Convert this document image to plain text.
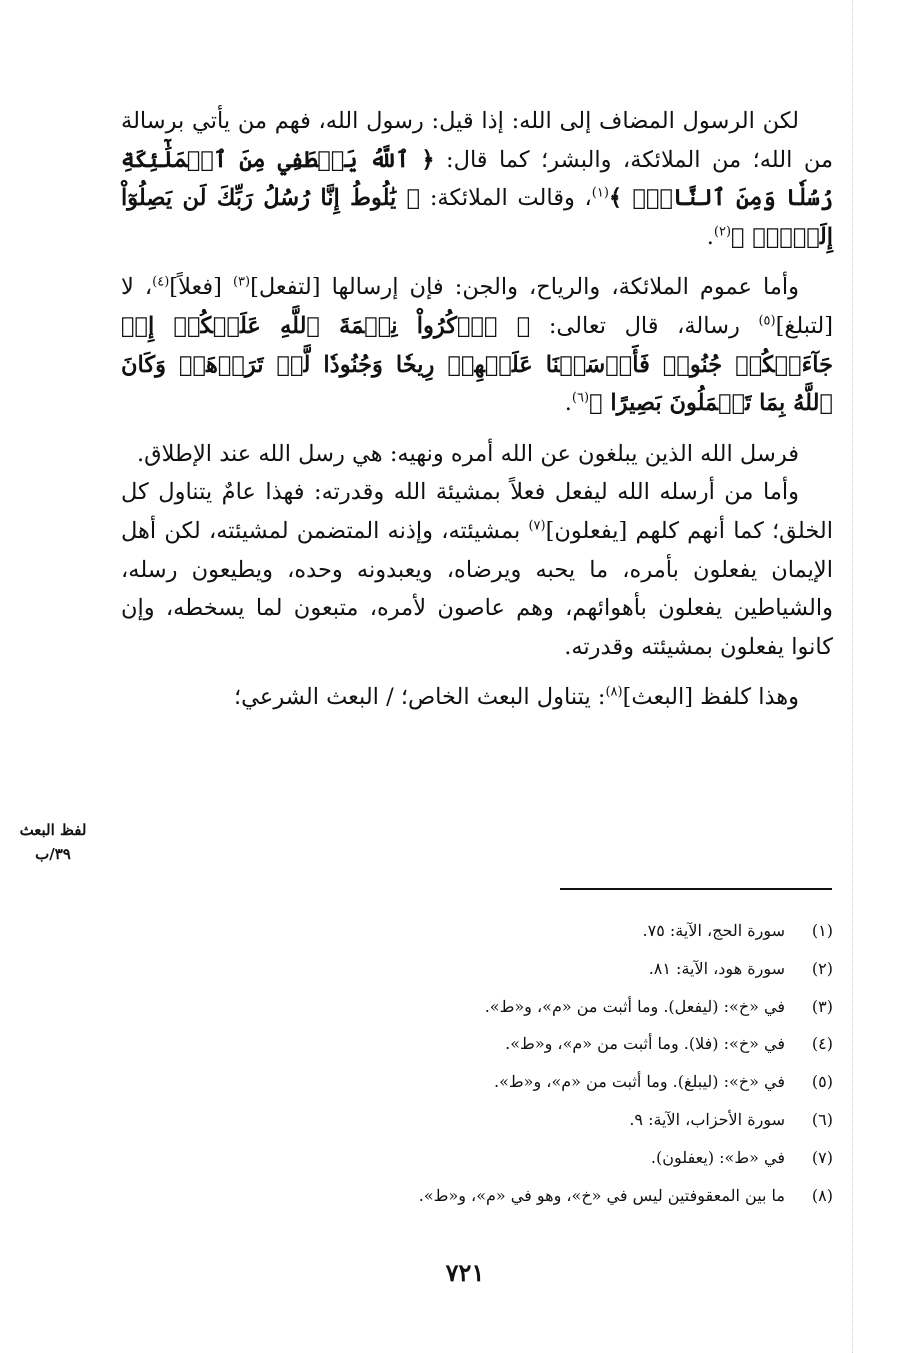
لكن الرسول المضاف إلى الله: إذا قيل: رسول الله، فهم من يأتي برسالة من الله؛ من الملائكة، والبشر؛ كما قال: ﴿ ٱللَّهُ يَصۡطَفِي مِنَ ٱلۡمَلَٰٓئِكَةِ رُسُلٗا وَمِنَ ٱلنَّاسِۚ ﴾$^{(١)}$، وقالت الملائكة: ﴿ يَٰلُوطُ إِنَّا رُسُلُ رَبِّكَ لَن يَصِلُوٓاْ إِلَيۡكَۖ ﴾$^{(٢)}$.

وأما عموم الملائكة، والرياح، والجن: فإن إرسالها [لتفعل]$^{(٣)}$ [فعلاً]$^{(٤)}$، لا [لتبلغ]$^{(٥)}$ رسالة، قال تعالى: ﴿ ٱذۡكُرُواْ نِعۡمَةَ ٱللَّهِ عَلَيۡكُمۡ إِذۡ جَآءَتۡكُمۡ جُنُودٞ فَأَرۡسَلۡنَا عَلَيۡهِمۡ رِيحٗا وَجُنُودٗا لَّمۡ تَرَوۡهَاۚ وَكَانَ ٱللَّهُ بِمَا تَعۡمَلُونَ بَصِيرًا ﴾$^{(٦)}$.

فرسل الله الذين يبلغون عن الله أمره ونهيه: هي رسل الله عند الإطلاق.

وأما من أرسله الله ليفعل فعلاً بمشيئة الله وقدرته: فهذا عامٌ يتناول كل الخلق؛ كما أنهم كلهم [يفعلون]$^{(٧)}$ بمشيئته، وإذنه المتضمن لمشيئته، لكن أهل الإيمان يفعلون بأمره، ما يحبه ويرضاه، ويعبدونه وحده، ويطيعون رسله، والشياطين يفعلون بأهوائهم، وهم عاصون لأمره، متبعون لما يسخطه، وإن كانوا يفعلون بمشيئته وقدرته.

وهذا كلفظ [البعث]$^{(٨)}$: يتناول البعث الخاص؛ / البعث الشرعي؛

لفظ البعث
٣٩/ب
(١)
سورة الحج، الآية: ٧٥.
(٢)
سورة هود، الآية: ٨١.
(٣)
في «خ»: (ليفعل). وما أثبت من «م»، و«ط».
(٤)
في «خ»: (فلا). وما أثبت من «م»، و«ط».
(٥)
في «خ»: (ليبلغ). وما أثبت من «م»، و«ط».
(٦)
سورة الأحزاب، الآية: ٩.
(٧)
في «ط»: (يعفلون).
(٨)
ما بين المعقوفتين ليس في «خ»، وهو في «م»، و«ط».
٧٢١
